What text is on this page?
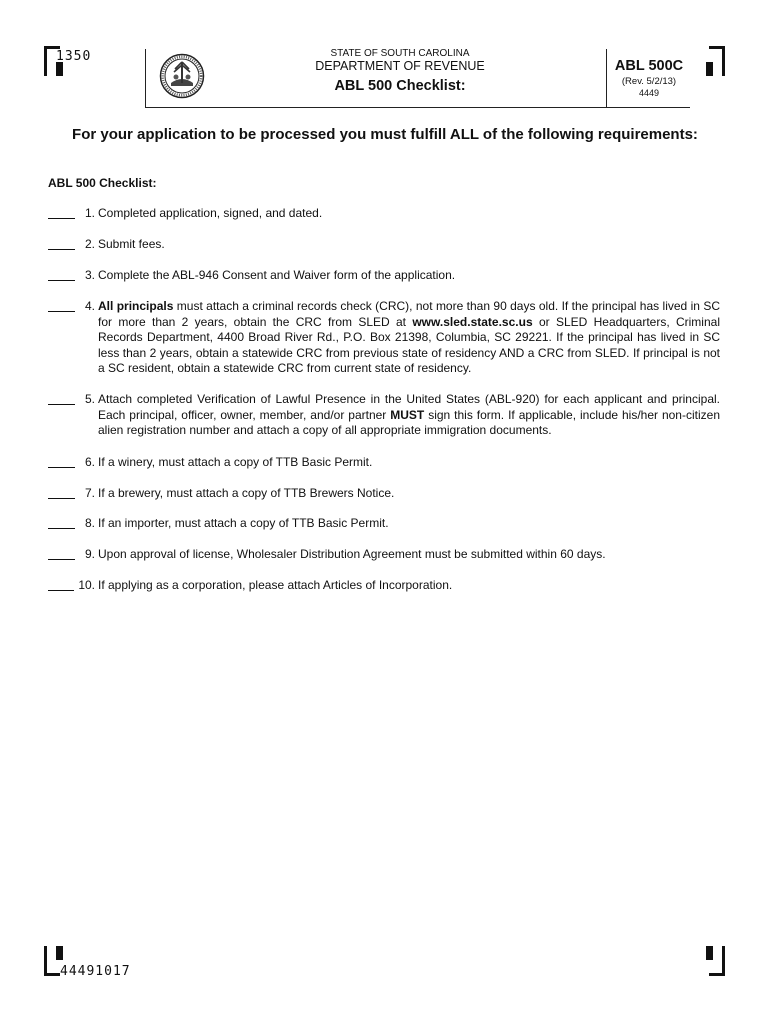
1350	STATE OF SOUTH CAROLINA
DEPARTMENT OF REVENUE
ABL 500 Checklist:
ABL 500C
(Rev. 5/2/13)
4449
For your application to be processed you must fulfill ALL of the following requirements:
ABL 500 Checklist:
1. Completed application, signed, and dated.
2. Submit fees.
3. Complete the ABL-946 Consent and Waiver form of the application.
4. All principals must attach a criminal records check (CRC), not more than 90 days old. If the principal has lived in SC for more than 2 years, obtain the CRC from SLED at www.sled.state.sc.us or SLED Headquarters, Criminal Records Department, 4400 Broad River Rd., P.O. Box 21398, Columbia, SC 29221. If the principal has lived in SC less than 2 years, obtain a statewide CRC from previous state of residency AND a CRC from SLED. If principal is not a SC resident, obtain a statewide CRC from current state of residency.
5. Attach completed Verification of Lawful Presence in the United States (ABL-920) for each applicant and principal. Each principal, officer, owner, member, and/or partner MUST sign this form. If applicable, include his/her non-citizen alien registration number and attach a copy of all appropriate immigration documents.
6. If a winery, must attach a copy of TTB Basic Permit.
7. If a brewery, must attach a copy of TTB Brewers Notice.
8. If an importer, must attach a copy of TTB Basic Permit.
9. Upon approval of license, Wholesaler Distribution Agreement must be submitted within 60 days.
10. If applying as a corporation, please attach Articles of Incorporation.
44491017
